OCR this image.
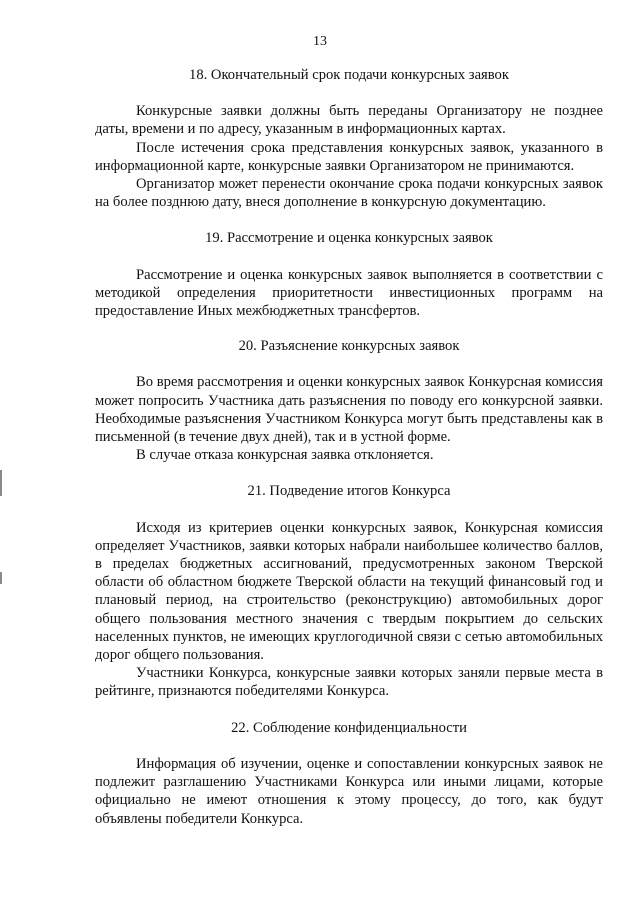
13

18. Окончательный срок подачи конкурсных заявок

Конкурсные заявки должны быть переданы Организатору не позднее даты, времени и по адресу, указанным в информационных картах.

После истечения срока представления конкурсных заявок, указанного в информационной карте, конкурсные заявки Организатором не принимаются.

Организатор может перенести окончание срока подачи конкурсных заявок на более позднюю дату, внеся дополнение в конкурсную документацию.

19. Рассмотрение и оценка конкурсных заявок

Рассмотрение и оценка конкурсных заявок выполняется в соответствии с методикой определения приоритетности инвестиционных программ на предоставление Иных межбюджетных трансфертов.

20. Разъяснение конкурсных заявок

Во время рассмотрения и оценки конкурсных заявок Конкурсная комиссия может попросить Участника дать разъяснения по поводу его конкурсной заявки. Необходимые разъяснения Участником Конкурса могут быть представлены как в письменной (в течение двух дней), так и в устной форме.

В случае отказа конкурсная заявка отклоняется.

21. Подведение итогов Конкурса

Исходя из критериев оценки конкурсных заявок, Конкурсная комиссия определяет Участников, заявки которых набрали наибольшее количество баллов, в пределах бюджетных ассигнований, предусмотренных законом Тверской области об областном бюджете Тверской области на текущий финансовый год и плановый период, на строительство (реконструкцию) автомобильных дорог общего пользования местного значения с твердым покрытием до сельских населенных пунктов, не имеющих круглогодичной связи с сетью автомобильных дорог общего пользования.

Участники Конкурса, конкурсные заявки которых заняли первые места в рейтинге, признаются победителями Конкурса.

22. Соблюдение конфиденциальности

Информация об изучении, оценке и сопоставлении конкурсных заявок не подлежит разглашению Участниками Конкурса или иными лицами, которые официально не имеют отношения к этому процессу, до того, как будут объявлены победители Конкурса.
